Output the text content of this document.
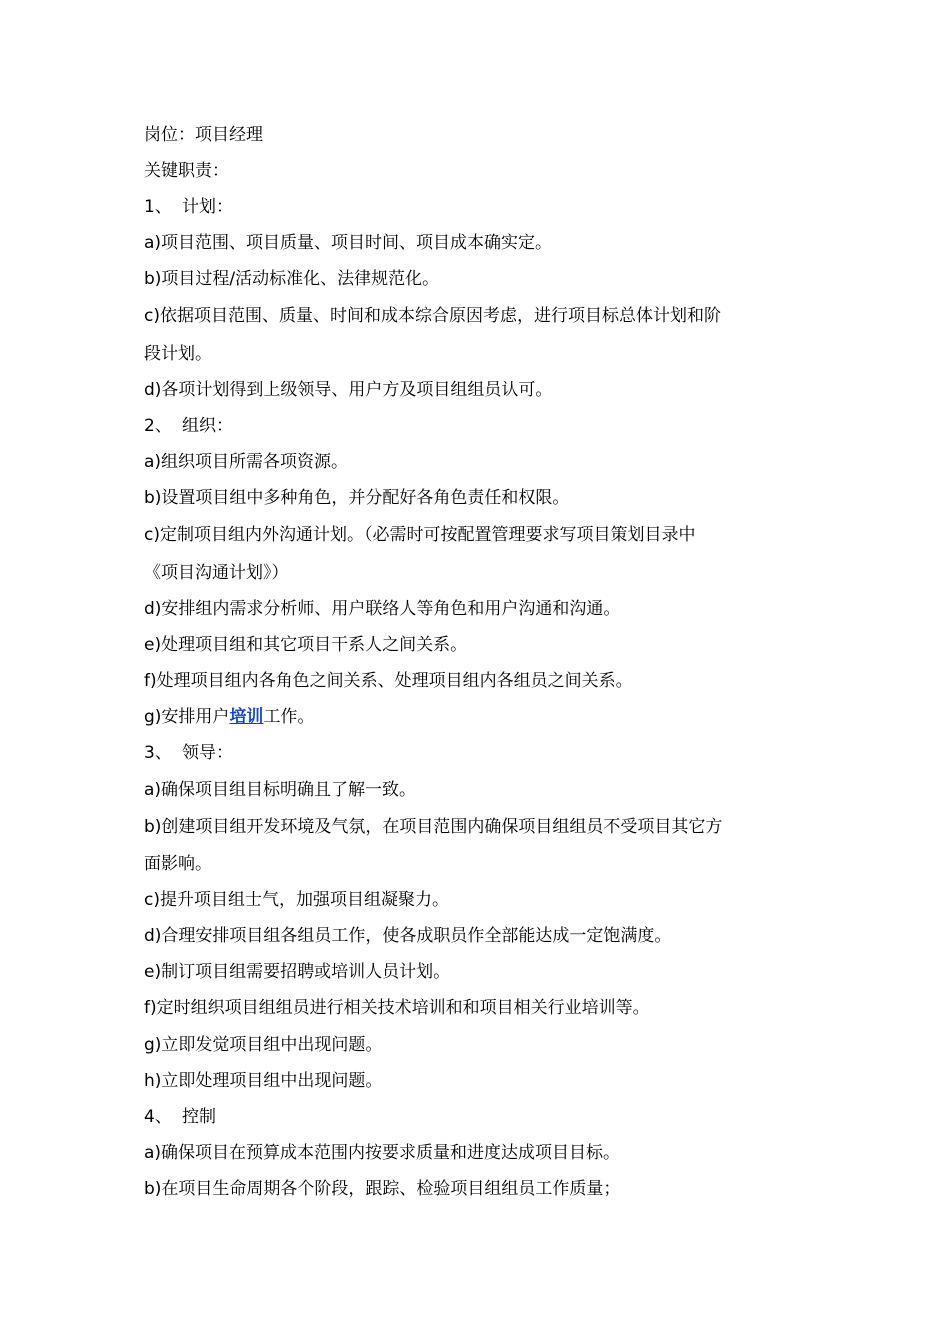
岗位：项目经理
关键职责：
1、 计划：
a)项目范围、项目质量、项目时间、项目成本确实定。
b)项目过程/活动标准化、法律规范化。
c)依据项目范围、质量、时间和成本综合原因考虑，进行项目标总体计划和阶
段计划。
d)各项计划得到上级领导、用户方及项目组组员认可。
2、 组织：
a)组织项目所需各项资源。
b)设置项目组中多种角色，并分配好各角色责任和权限。
c)定制项目组内外沟通计划。（必需时可按配置管理要求写项目策划目录中
《项目沟通计划》）
d)安排组内需求分析师、用户联络人等角色和用户沟通和沟通。
e)处理项目组和其它项目干系人之间关系。
f)处理项目组内各角色之间关系、处理项目组内各组员之间关系。
g)安排用户培训工作。
3、 领导：
a)确保项目组目标明确且了解一致。
b)创建项目组开发环境及气氛，在项目范围内确保项目组组员不受项目其它方
面影响。
c)提升项目组士气，加强项目组凝聚力。
d)合理安排项目组各组员工作，使各成职员作全部能达成一定饱满度。
e)制订项目组需要招聘或培训人员计划。
f)定时组织项目组组员进行相关技术培训和和项目相关行业培训等。
g)立即发觉项目组中出现问题。
h)立即处理项目组中出现问题。
4、 控制
a)确保项目在预算成本范围内按要求质量和进度达成项目目标。
b)在项目生命周期各个阶段，跟踪、检验项目组组员工作质量；
